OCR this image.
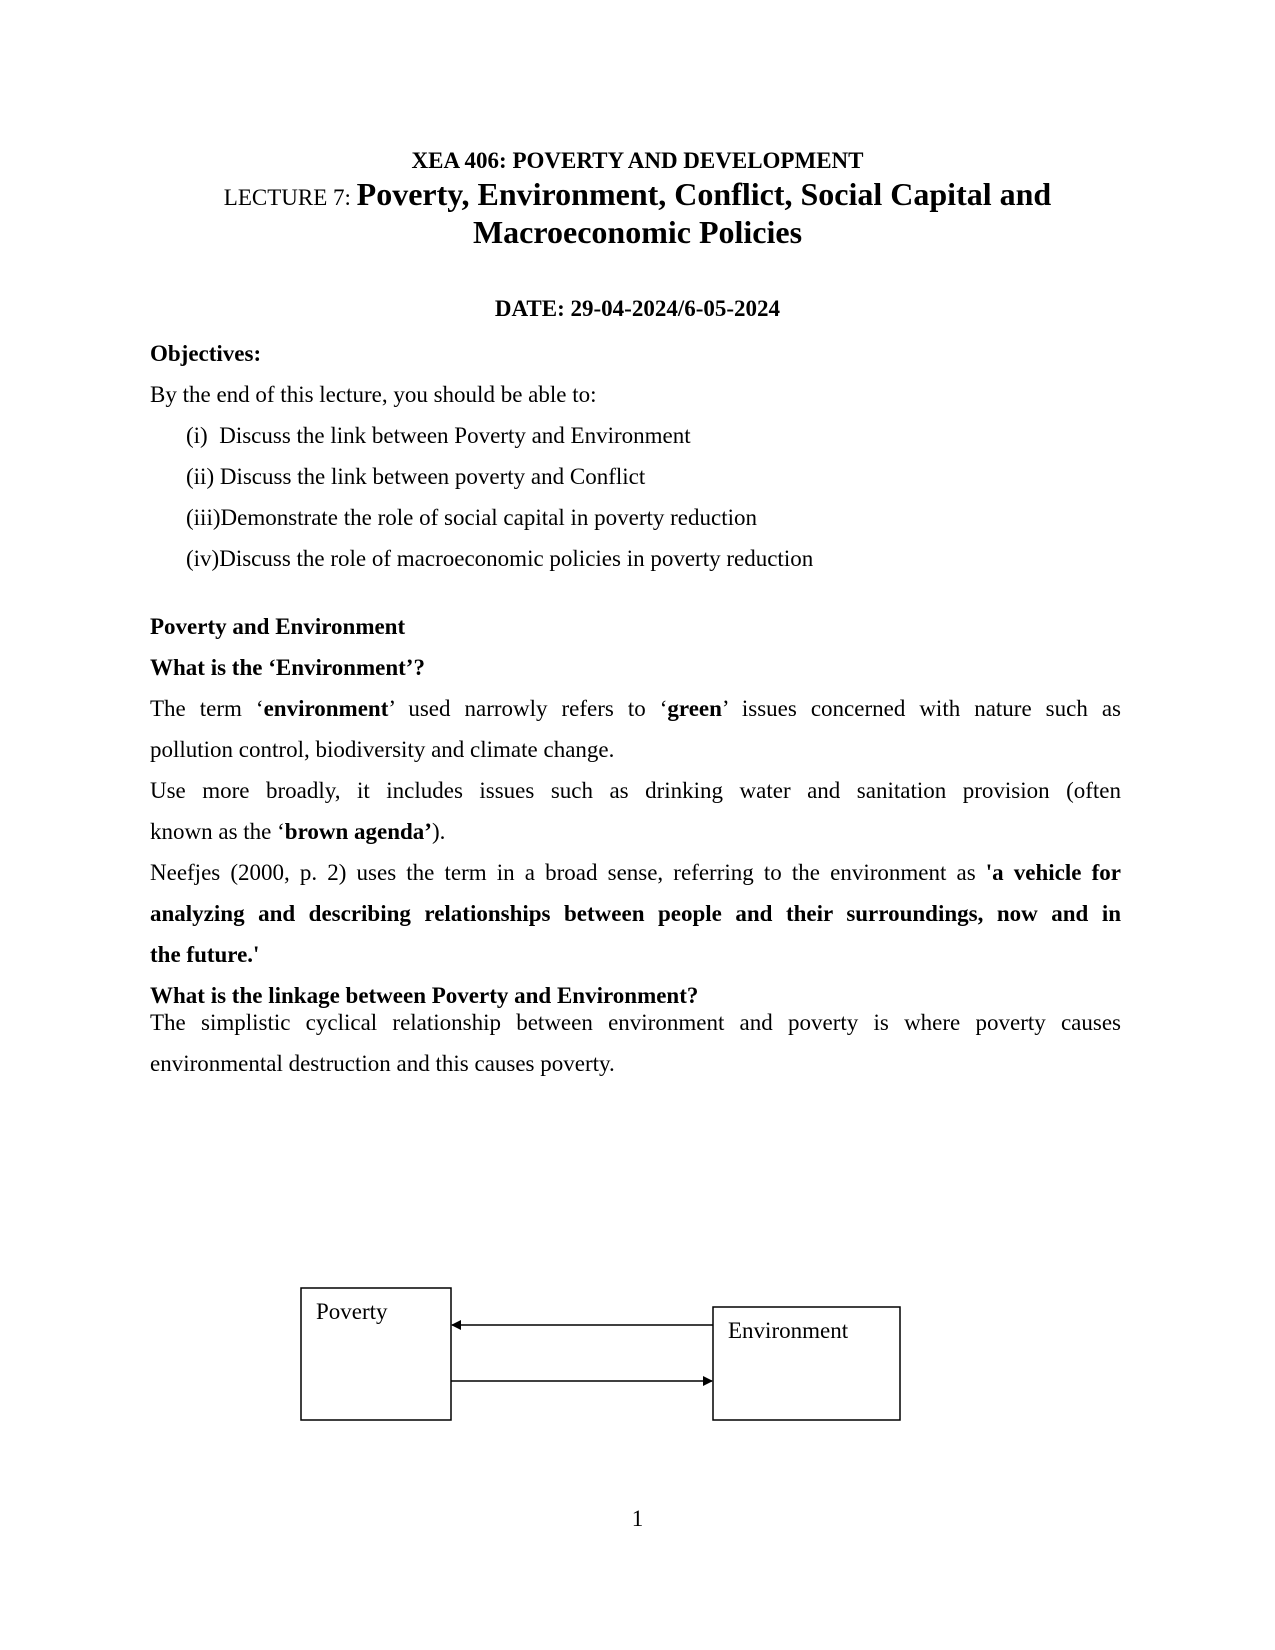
XEA 406: POVERTY AND DEVELOPMENT
LECTURE 7: Poverty, Environment, Conflict, Social Capital and
Macroeconomic Policies
DATE: 29-04-2024/6-05-2024
Objectives:
By the end of this lecture, you should be able to:
(i) Discuss the link between Poverty and Environment
(ii) Discuss the link between poverty and Conflict
(iii)Demonstrate the role of social capital in poverty reduction
(iv)Discuss the role of macroeconomic policies in poverty reduction
Poverty and Environment
What is the ‘Environment’?
The term ‘environment’ used narrowly refers to ‘green’ issues concerned with nature such as
pollution control, biodiversity and climate change.
Use more broadly, it includes issues such as drinking water and sanitation provision (often
known as the ‘brown agenda’).
Neefjes (2000, p. 2) uses the term in a broad sense, referring to the environment as 'a vehicle for
analyzing and describing relationships between people and their surroundings, now and in
the future.'
What is the linkage between Poverty and Environment?
The simplistic cyclical relationship between environment and poverty is where poverty causes
environmental destruction and this causes poverty.
Poverty
Environment
1
